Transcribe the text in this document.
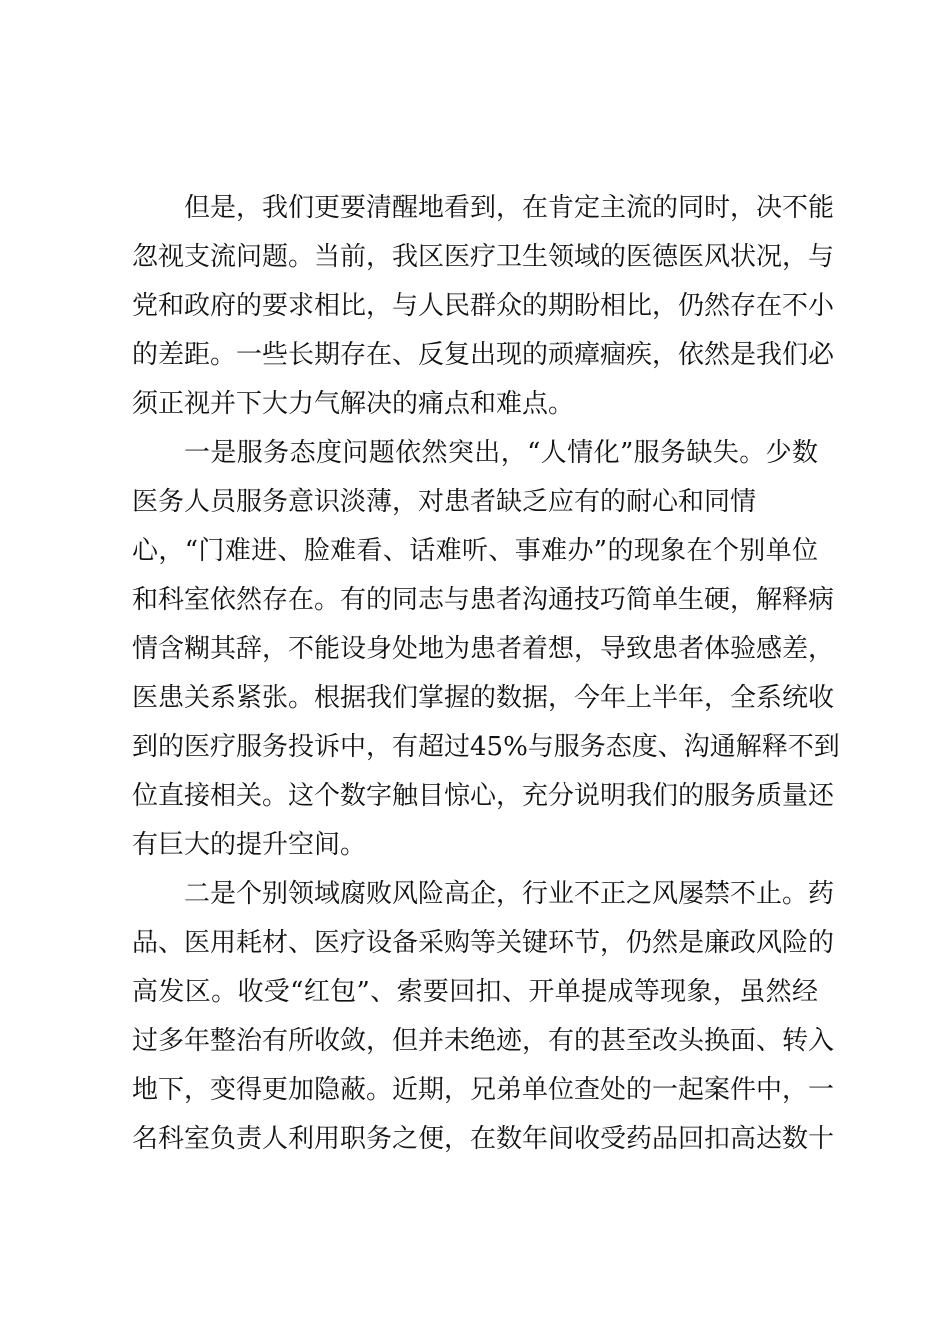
但是，我们更要清醒地看到，在肯定主流的同时，决不能
忽视支流问题。当前，我区医疗卫生领域的医德医风状况，与
党和政府的要求相比，与人民群众的期盼相比，仍然存在不小
的差距。一些长期存在、反复出现的顽瘴痼疾，依然是我们必
须正视并下大力气解决的痛点和难点。
一是服务态度问题依然突出，“人情化”服务缺失。少数
医务人员服务意识淡薄，对患者缺乏应有的耐心和同情
心，“门难进、脸难看、话难听、事难办”的现象在个别单位
和科室依然存在。有的同志与患者沟通技巧简单生硬，解释病
情含糊其辞，不能设身处地为患者着想，导致患者体验感差，
医患关系紧张。根据我们掌握的数据，今年上半年，全系统收
到的医疗服务投诉中，有超过45%与服务态度、沟通解释不到
位直接相关。这个数字触目惊心，充分说明我们的服务质量还
有巨大的提升空间。
二是个别领域腐败风险高企，行业不正之风屡禁不止。药
品、医用耗材、医疗设备采购等关键环节，仍然是廉政风险的
高发区。收受“红包”、索要回扣、开单提成等现象，虽然经
过多年整治有所收敛，但并未绝迹，有的甚至改头换面、转入
地下，变得更加隐蔽。近期，兄弟单位查处的一起案件中，一
名科室负责人利用职务之便，在数年间收受药品回扣高达数十
